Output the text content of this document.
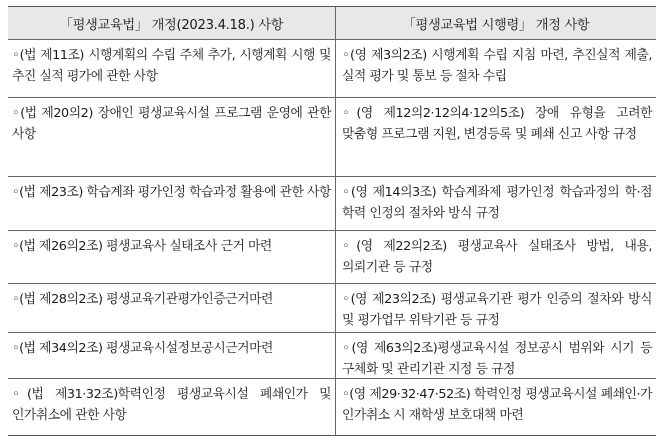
「평생교육법」 개정(2023.4.18.) 사항	「평생교육법 시행령」 개정 사항
◦(법 제11조) 시행계획의 수립 주체 추가, 시행계획 시행 및 추진 실적 평가에 관한 사항
◦(영 제3의2조) 시행계획 수립 지침 마련, 추진실적 제출, 실적 평가 및 통보 등 절차 수립
◦(법 제20의2) 장애인 평생교육시설 프로그램 운영에 관한 사항
◦(영 제12의2·12의4·12의5조) 장애 유형을 고려한 맞춤형 프로그램 지원, 변경등록 및 폐쇄 신고 사항 규정
◦(법 제23조) 학습계좌 평가인정 학습과정 활용에 관한 사항 ◦(영 제14의3조) 학습계좌제 평가인정 학습과정의 학·점 학력 인정의 절차와 방식 규정
◦(법 제26의2조) 평생교육사 실태조사 근거 마련	◦(영 제22의2조) 평생교육사 실태조사 방법, 내용, 의뢰기관 등 규정
◦(법 제28의2조) 평생교육기관평가인증근거마련	◦(영 제23의2조) 평생교육기관 평가 인증의 절차와 방식 및 평가업무 위탁기관 등 규정
◦(법 제34의2조) 평생교육시설정보공시근거마련	◦(영 제63의2조)평생교육시설 정보공시 범위와 시기 등 구체화 및 관리기관 지정 등 규정
◦(법 제31·32조)학력인정 평생교육시설 폐쇄인가 및 인가취소에 관한 사항
◦(영 제29·32·47·52조) 학력인정 평생교육시설 폐쇄인·가 인가취소 시 재학생 보호대책 마련
